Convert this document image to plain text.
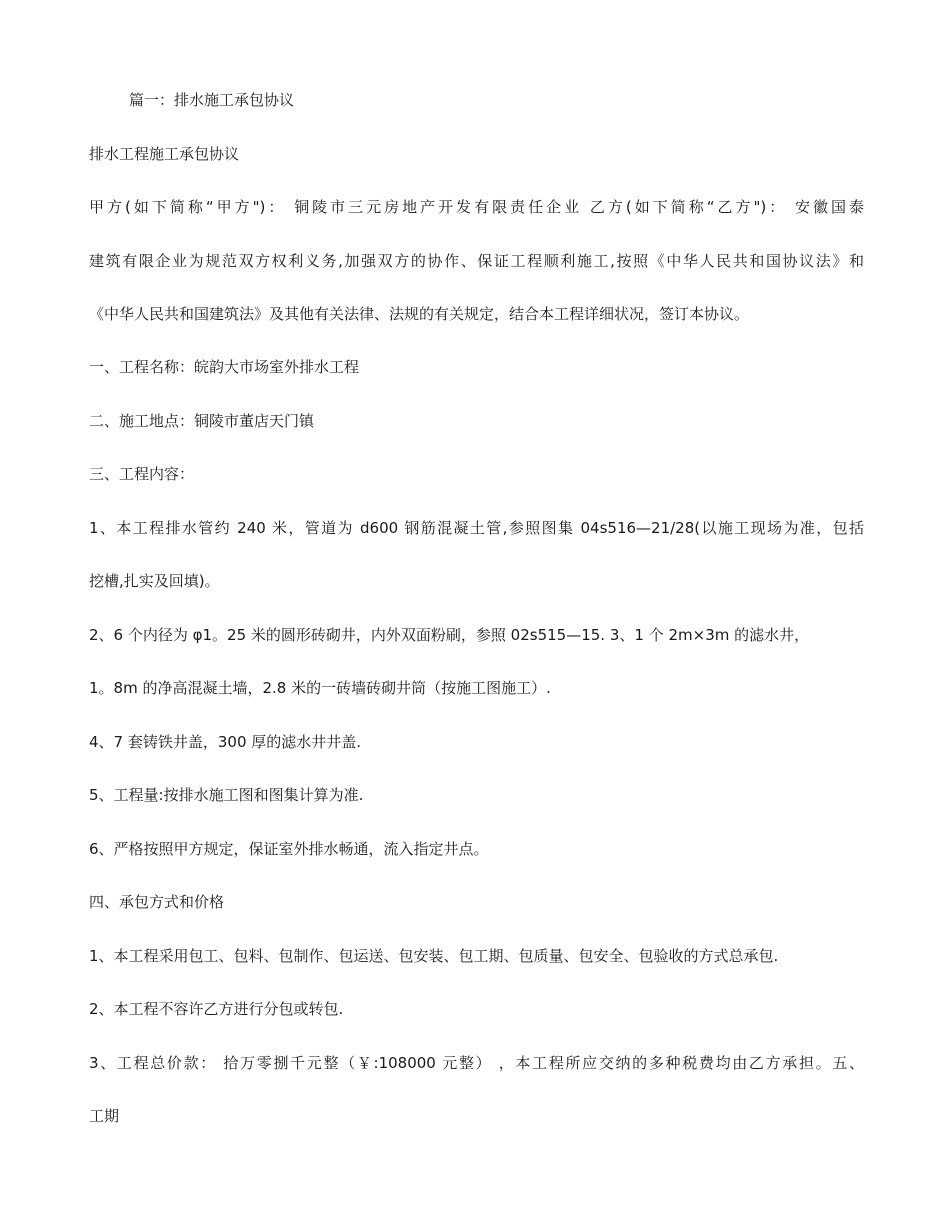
篇一：排水施工承包协议
排水工程施工承包协议
甲方(如下简称“甲方")： 铜陵市三元房地产开发有限责任企业 乙方(如下简称“乙方")： 安徽国泰
建筑有限企业为规范双方权利义务,加强双方的协作、保证工程顺利施工,按照《中华人民共和国协议法》和
《中华人民共和国建筑法》及其他有关法律、法规的有关规定，结合本工程详细状况，签订本协议。
一、工程名称：皖韵大市场室外排水工程
二、施工地点：铜陵市董店天门镇
三、工程内容：
1、本工程排水管约 240 米，管道为 d600 钢筋混凝土管,参照图集 04s516—21/28(以施工现场为准，包括
挖槽,扎实及回填)。
2、6 个内径为 φ1。25 米的圆形砖砌井，内外双面粉刷，参照 02s515—15. 3、1 个 2m×3m 的滤水井，
1。8m 的净高混凝土墙，2.8 米的一砖墙砖砌井筒（按施工图施工）.
4、7 套铸铁井盖，300 厚的滤水井井盖.
5、工程量:按排水施工图和图集计算为准.
6、严格按照甲方规定，保证室外排水畅通，流入指定井点。
四、承包方式和价格
1、本工程采用包工、包料、包制作、包运送、包安装、包工期、包质量、包安全、包验收的方式总承包.
2、本工程不容许乙方进行分包或转包.
3、工程总价款： 拾万零捌千元整（￥:108000 元整） ，本工程所应交纳的多种税费均由乙方承担。五、
工期
